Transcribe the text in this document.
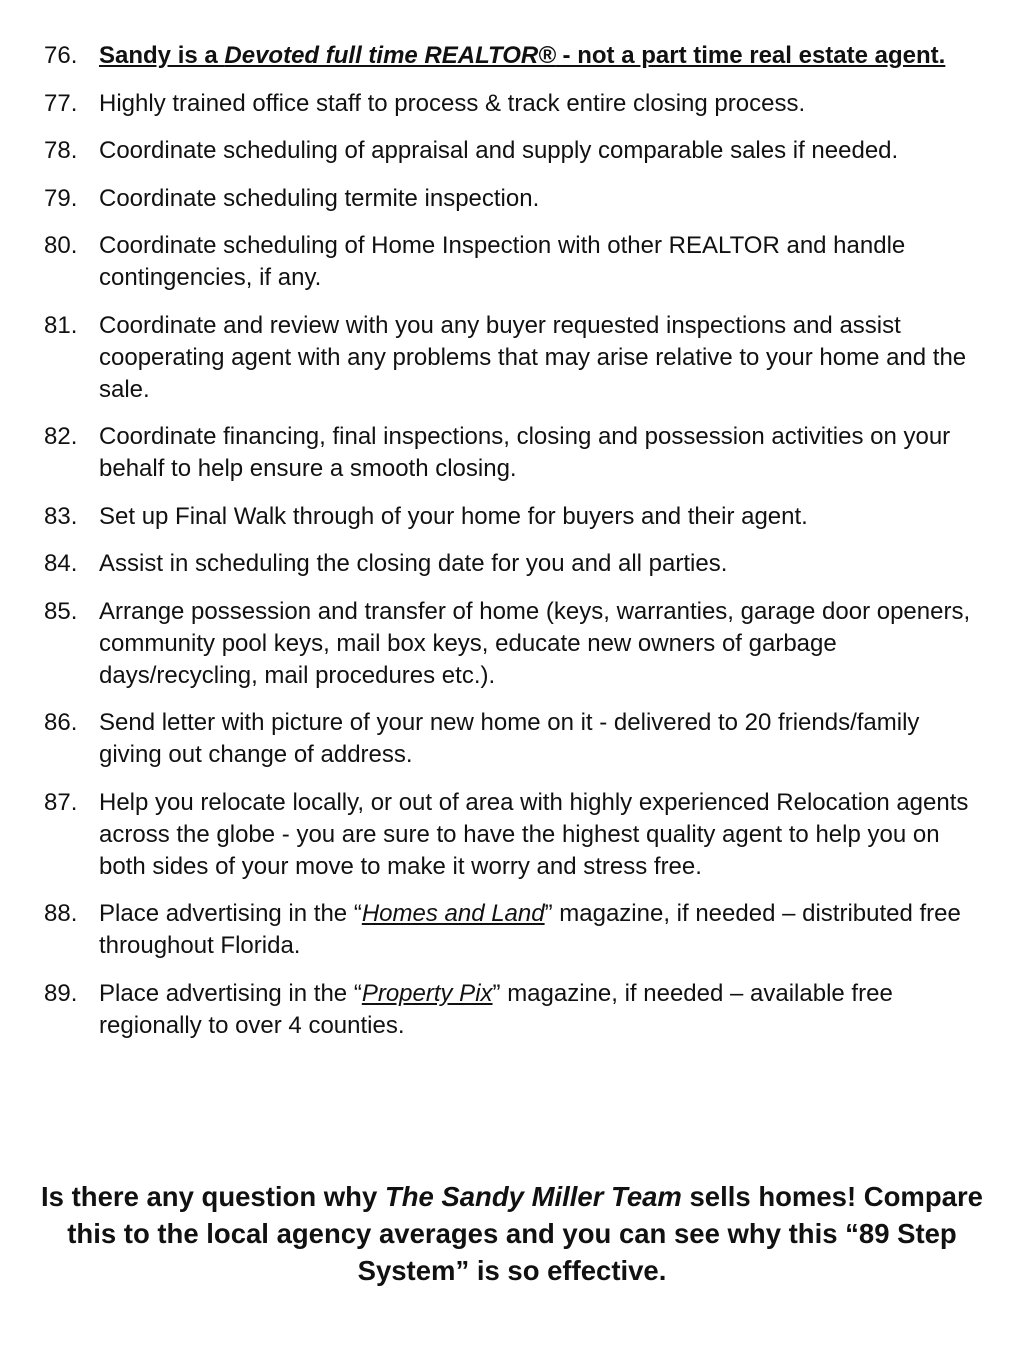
76. Sandy is a Devoted full time REALTOR® - not a part time real estate agent.
77. Highly trained office staff to process & track entire closing process.
78. Coordinate scheduling of appraisal and supply comparable sales if needed.
79. Coordinate scheduling termite inspection.
80. Coordinate scheduling of Home Inspection with other REALTOR and handle contingencies, if any.
81. Coordinate and review with you any buyer requested inspections and assist cooperating agent with any problems that may arise relative to your home and the sale.
82. Coordinate financing, final inspections, closing and possession activities on your behalf to help ensure a smooth closing.
83. Set up Final Walk through of your home for buyers and their agent.
84. Assist in scheduling the closing date for you and all parties.
85. Arrange possession and transfer of home (keys, warranties, garage door openers, community pool keys, mail box keys, educate new owners of garbage days/recycling, mail procedures etc.).
86. Send letter with picture of your new home on it - delivered to 20 friends/family giving out change of address.
87. Help you relocate locally, or out of area with highly experienced Relocation agents across the globe - you are sure to have the highest quality agent to help you on both sides of your move to make it worry and stress free.
88. Place advertising in the “Homes and Land” magazine, if needed – distributed free throughout Florida.
89. Place advertising in the “Property Pix” magazine, if needed – available free regionally to over 4 counties.
Is there any question why The Sandy Miller Team sells homes! Compare this to the local agency averages and you can see why this “89 Step System” is so effective.
